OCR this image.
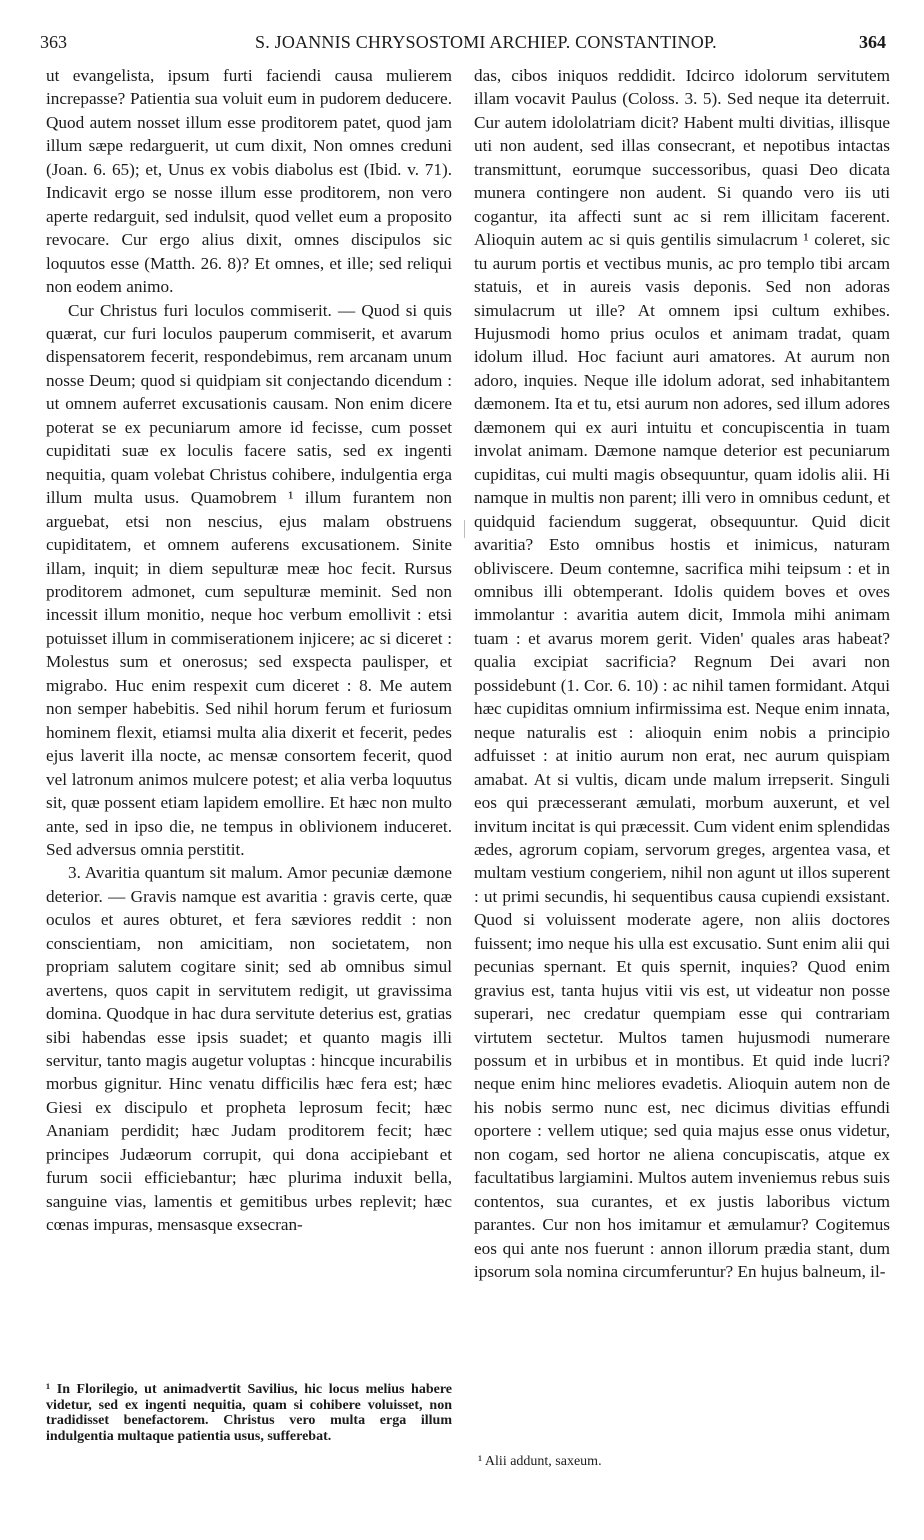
363	S. JOANNIS CHRYSOSTOMI ARCHIEP. CONSTANTINOP.	364

ut evangelista, ipsum furti faciendi causa mulierem increpasse? Patientia sua voluit eum in pudorem deducere. Quod autem nosset illum esse proditorem patet, quod jam illum sæpe redarguerit, ut cum dixit, Non omnes creduni (Joan. 6. 65); et, Unus ex vobis diabolus est (Ibid. v. 71). Indicavit ergo se nosse illum esse proditorem, non vero aperte redarguit, sed indulsit, quod vellet eum a proposito revocare. Cur ergo alius dixit, omnes discipulos sic loquutos esse (Matth. 26. 8)? Et omnes, et ille; sed reliqui non eodem animo.

Cur Christus furi loculos commiserit. — Quod si quis quærat, cur furi loculos pauperum commiserit, et avarum dispensatorem fecerit, respondebimus, rem arcanam unum nosse Deum; quod si quidpiam sit conjectando dicendum : ut omnem auferret excusationis causam. Non enim dicere poterat se ex pecuniarum amore id fecisse, cum posset cupiditati suæ ex loculis facere satis, sed ex ingenti nequitia, quam volebat Christus cohibere, indulgentia erga illum multa usus. Quamobrem ¹ illum furantem non arguebat, etsi non nescius, ejus malam obstruens cupiditatem, et omnem auferens excusationem. Sinite illam, inquit; in diem sepulturæ meæ hoc fecit. Rursus proditorem admonet, cum sepulturæ meminit. Sed non incessit illum monitio, neque hoc verbum emollivit : etsi potuisset illum in commiserationem injicere; ac si diceret : Molestus sum et onerosus; sed exspecta paulisper, et migrabo. Huc enim respexit cum diceret : 8. Me autem non semper habebitis. Sed nihil horum ferum et furiosum hominem flexit, etiamsi multa alia dixerit et fecerit, pedes ejus laverit illa nocte, ac mensæ consortem fecerit, quod vel latronum animos mulcere potest; et alia verba loquutus sit, quæ possent etiam lapidem emollire. Et hæc non multo ante, sed in ipso die, ne tempus in oblivionem induceret. Sed adversus omnia perstitit.

3. Avaritia quantum sit malum. Amor pecuniæ dæmone deterior. — Gravis namque est avaritia : gravis certe, quæ oculos et aures obturet, et fera sæviores reddit : non conscientiam, non amicitiam, non societatem, non propriam salutem cogitare sinit; sed ab omnibus simul avertens, quos capit in servitutem redigit, ut gravissima domina. Quodque in hac dura servitute deterius est, gratias sibi habendas esse ipsis suadet; et quanto magis illi servitur, tanto magis augetur voluptas : hincque incurabilis morbus gignitur. Hinc venatu difficilis hæc fera est; hæc Giesi ex discipulo et propheta leprosum fecit; hæc Ananiam perdidit; hæc Judam proditorem fecit; hæc principes Judæorum corrupit, qui dona accipiebant et furum socii efficiebantur; hæc plurima induxit bella, sanguine vias, lamentis et gemitibus urbes replevit; hæc cœnas impuras, mensasque exsecran-

das, cibos iniquos reddidit. Idcirco idolorum servitutem illam vocavit Paulus (Coloss. 3. 5). Sed neque ita deterruit. Cur autem idololatriam dicit? Habent multi divitias, illisque uti non audent, sed illas consecrant, et nepotibus intactas transmittunt, eorumque successoribus, quasi Deo dicata munera contingere non audent. Si quando vero iis uti cogantur, ita affecti sunt ac si rem illicitam facerent. Alioquin autem ac si quis gentilis simulacrum ¹ coleret, sic tu aurum portis et vectibus munis, ac pro templo tibi arcam statuis, et in aureis vasis deponis. Sed non adoras simulacrum ut ille? At omnem ipsi cultum exhibes. Hujusmodi homo prius oculos et animam tradat, quam idolum illud. Hoc faciunt auri amatores. At aurum non adoro, inquies. Neque ille idolum adorat, sed inhabitantem dæmonem. Ita et tu, etsi aurum non adores, sed illum adores dæmonem qui ex auri intuitu et concupiscentia in tuam involat animam. Dæmone namque deterior est pecuniarum cupiditas, cui multi magis obsequuntur, quam idolis alii. Hi namque in multis non parent; illi vero in omnibus cedunt, et quidquid faciendum suggerat, obsequuntur. Quid dicit avaritia? Esto omnibus hostis et inimicus, naturam obliviscere. Deum contemne, sacrifica mihi teipsum : et in omnibus illi obtemperant. Idolis quidem boves et oves immolantur : avaritia autem dicit, Immola mihi animam tuam : et avarus morem gerit. Viden' quales aras habeat? qualia excipiat sacrificia? Regnum Dei avari non possidebunt (1. Cor. 6. 10) : ac nihil tamen formidant. Atqui hæc cupiditas omnium infirmissima est. Neque enim innata, neque naturalis est : alioquin enim nobis a principio adfuisset : at initio aurum non erat, nec aurum quispiam amabat. At si vultis, dicam unde malum irrepserit. Singuli eos qui præcesserant æmulati, morbum auxerunt, et vel invitum incitat is qui præcessit. Cum vident enim splendidas ædes, agrorum copiam, servorum greges, argentea vasa, et multam vestium congeriem, nihil non agunt ut illos superent : ut primi secundis, hi sequentibus causa cupiendi exsistant. Quod si voluissent moderate agere, non aliis doctores fuissent; imo neque his ulla est excusatio. Sunt enim alii qui pecunias spernant. Et quis spernit, inquies? Quod enim gravius est, tanta hujus vitii vis est, ut videatur non posse superari, nec credatur quempiam esse qui contrariam virtutem sectetur. Multos tamen hujusmodi numerare possum et in urbibus et in montibus. Et quid inde lucri? neque enim hinc meliores evadetis. Alioquin autem non de his nobis sermo nunc est, nec dicimus divitias effundi oportere : vellem utique; sed quia majus esse onus videtur, non cogam, sed hortor ne aliena concupiscatis, atque ex facultatibus largiamini. Multos autem inveniemus rebus suis contentos, sua curantes, et ex justis laboribus victum parantes. Cur non hos imitamur et æmulamur? Cogitemus eos qui ante nos fuerunt : annon illorum prædia stant, dum ipsorum sola nomina circumferuntur? En hujus balneum, il-

¹ In Florilegio, ut animadvertit Savilius, hic locus melius habere videtur, sed ex ingenti nequitia, quam si cohibere voluisset, non tradidisset benefactorem. Christus vero multa erga illum indulgentia multaque patientia usus, sufferebat.
¹ Alii addunt, saxeum.
